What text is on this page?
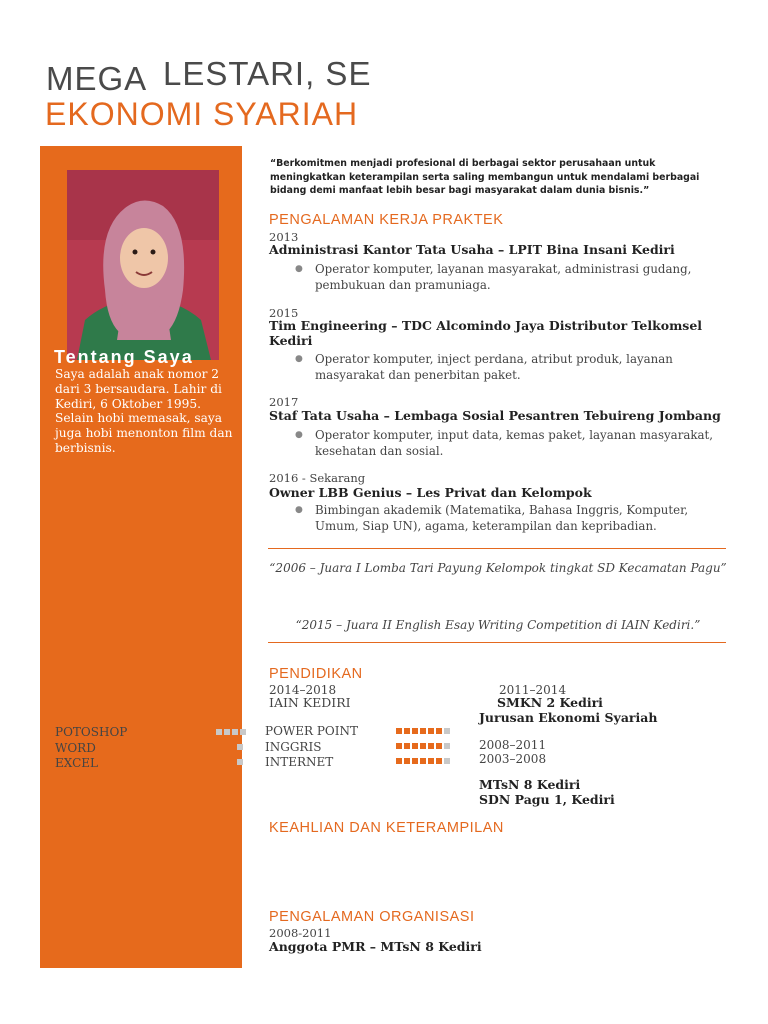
MEGA LESTARI, SE
EKONOMI SYARIAH
Tentang Saya
Saya adalah anak nomor 2 dari 3 bersaudara. Lahir di Kediri, 6 Oktober 1995. Selain hobi memasak, saya juga hobi menonton film dan berbisnis.
POTOSHOP
WORD
EXCEL
“Berkomitmen menjadi profesional di berbagai sektor perusahaan untuk meningkatkan keterampilan serta saling membangun untuk mendalami berbagai bidang demi manfaat lebih besar bagi masyarakat dalam dunia bisnis.”
PENGALAMAN KERJA PRAKTEK
2013
Administrasi Kantor Tata Usaha – LPIT Bina Insani Kediri
● Operator komputer, layanan masyarakat, administrasi gudang, pembukuan dan pramuniaga.
2015
Tim Engineering – TDC Alcomindo Jaya Distributor Telkomsel Kediri
● Operator komputer, inject perdana, atribut produk, layanan masyarakat dan penerbitan paket.
2017
Staf Tata Usaha – Lembaga Sosial Pesantren Tebuireng Jombang
● Operator komputer, input data, kemas paket, layanan masyarakat, kesehatan dan sosial.
2016 - Sekarang
Owner LBB Genius – Les Privat dan Kelompok
● Bimbingan akademik (Matematika, Bahasa Inggris, Komputer, Umum, Siap UN), agama, keterampilan dan kepribadian.
“2006 – Juara I Lomba Tari Payung Kelompok tingkat SD Kecamatan Pagu”
“2015 – Juara II English Esay Writing Competition di IAIN Kediri.”
PENDIDIKAN
2014–2018
IAIN KEDIRI
2011–2014
SMKN 2 Kediri
Jurusan Ekonomi Syariah
2008–2011
2003–2008
MTsN 8 Kediri
SDN Pagu 1, Kediri
POWER POINT
INGGRIS
INTERNET
KEAHLIAN DAN KETERAMPILAN
PENGALAMAN ORGANISASI
2008-2011
Anggota PMR – MTsN 8 Kediri
